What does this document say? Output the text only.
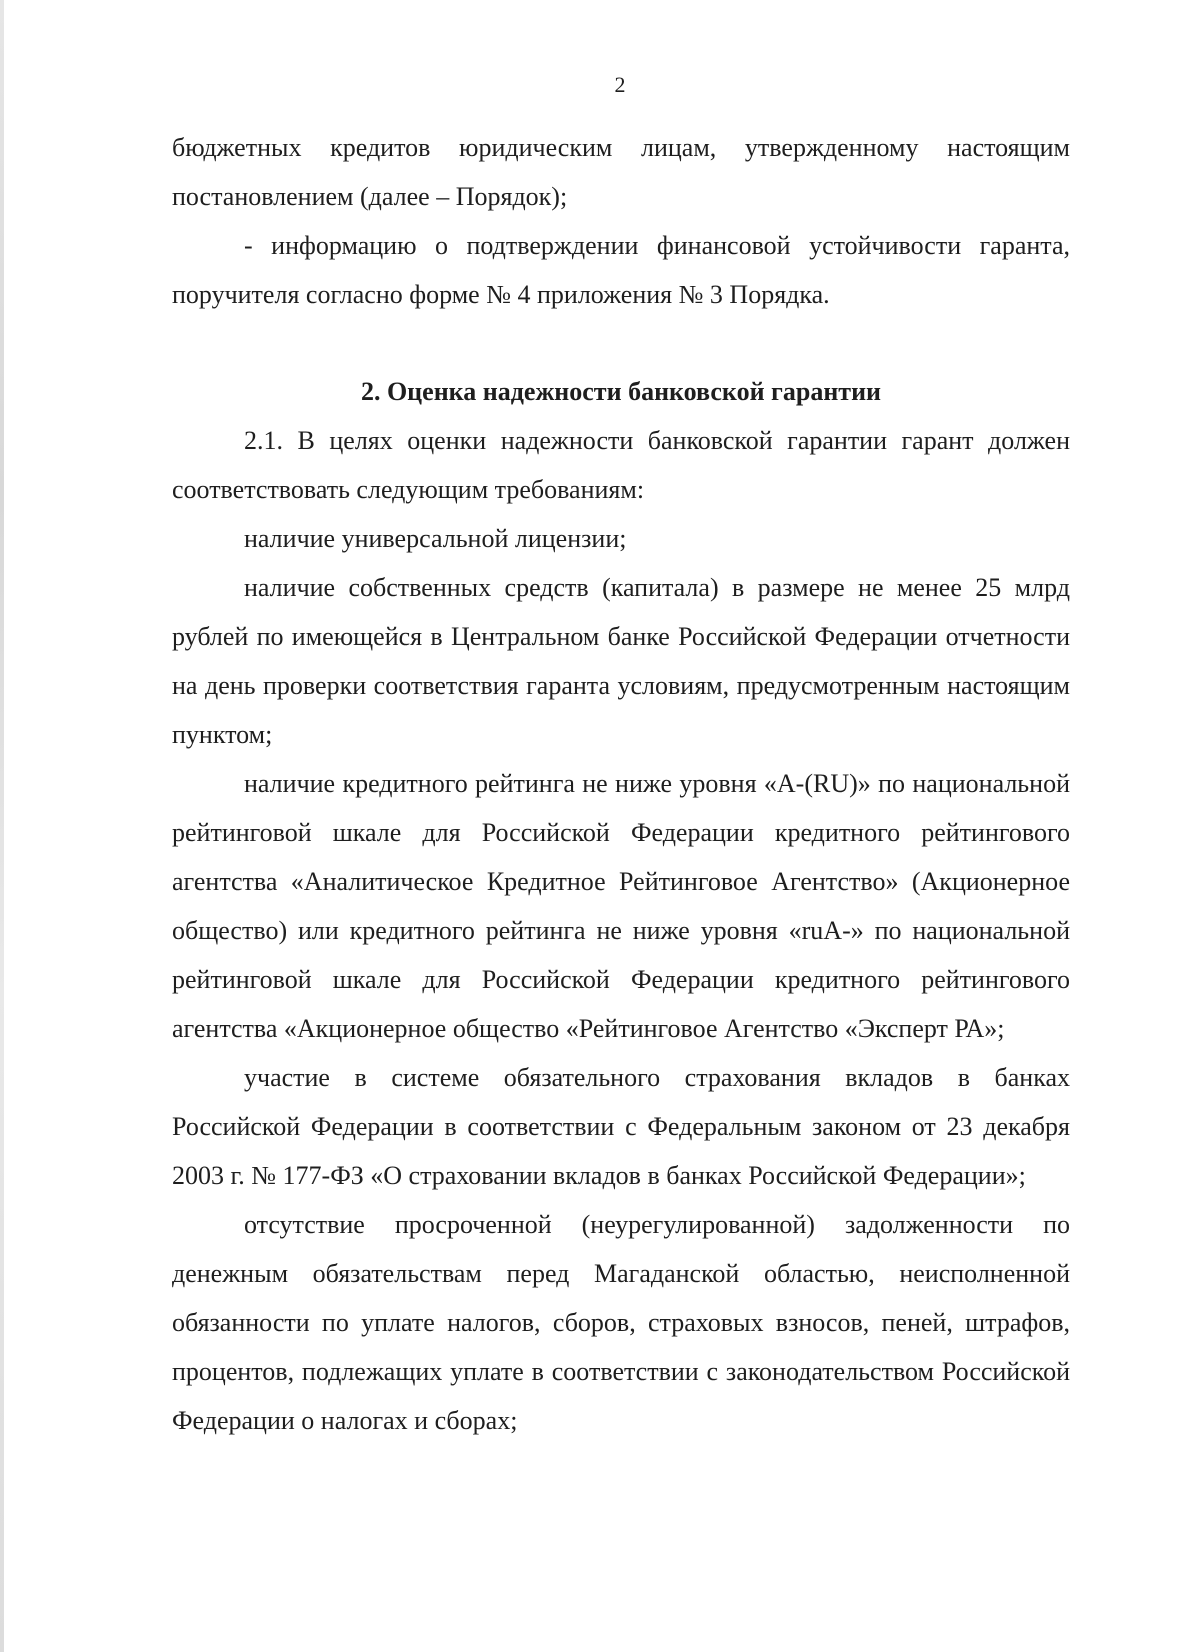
2

бюджетных кредитов юридическим лицам, утвержденному настоящим постановлением (далее – Порядок);

- информацию о подтверждении финансовой устойчивости гаранта, поручителя согласно форме № 4 приложения № 3 Порядка.

2. Оценка надежности банковской гарантии

2.1. В целях оценки надежности банковской гарантии гарант должен соответствовать следующим требованиям:

наличие универсальной лицензии;

наличие собственных средств (капитала) в размере не менее 25 млрд рублей по имеющейся в Центральном банке Российской Федерации отчетности на день проверки соответствия гаранта условиям, предусмотренным настоящим пунктом;

наличие кредитного рейтинга не ниже уровня «A-(RU)» по национальной рейтинговой шкале для Российской Федерации кредитного рейтингового агентства «Аналитическое Кредитное Рейтинговое Агентство» (Акционерное общество) или кредитного рейтинга не ниже уровня «ruA-» по национальной рейтинговой шкале для Российской Федерации кредитного рейтингового агентства «Акционерное общество «Рейтинговое Агентство «Эксперт РА»;

участие в системе обязательного страхования вкладов в банках Российской Федерации в соответствии с Федеральным законом от 23 декабря 2003 г. № 177-ФЗ «О страховании вкладов в банках Российской Федерации»;

отсутствие просроченной (неурегулированной) задолженности по денежным обязательствам перед Магаданской областью, неисполненной обязанности по уплате налогов, сборов, страховых взносов, пеней, штрафов, процентов, подлежащих уплате в соответствии с законодательством Российской Федерации о налогах и сборах;
